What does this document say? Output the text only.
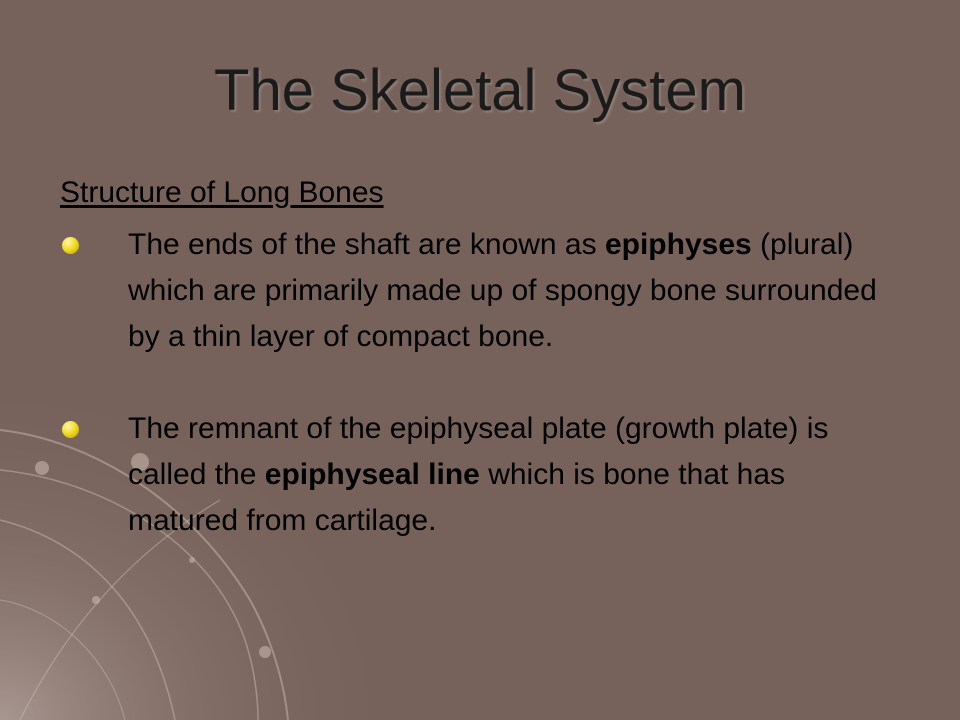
The Skeletal System
Structure of Long Bones
The ends of the shaft are known as epiphyses (plural) which are primarily made up of spongy bone surrounded by a thin layer of compact bone.
The remnant of the epiphyseal plate (growth plate) is called the epiphyseal line which is bone that has matured from cartilage.
